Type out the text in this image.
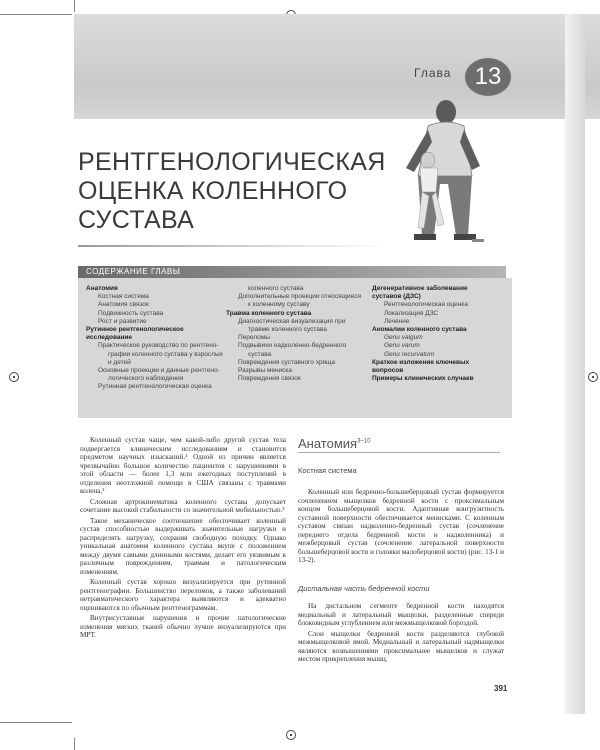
Глава 13
РЕНТГЕНОЛОГИЧЕСКАЯ
ОЦЕНКА КОЛЕННОГО
СУСТАВА
СОДЕРЖАНИЕ ГЛАВЫ
Анатомия
Костная система
Анатомия связок
Подвижность сустава
Рост и развитие
Рутинное рентгенологическое
исследование
Практическое руководство по рентгено-
графии коленного сустава у взрослых
и детей
Основные проекции и данные рентгено-
логического наблюдения
Рутинная рентгенологическая оценка
коленного сустава
Дополнительные проекции относящиеся
к коленному суставу
Травма коленного сустава
Диагностическая визуализация при
травме коленного сустава
Переломы
Подвывихи надколенно-бедренного
сустава
Повреждения суставного хряща
Разрывы мениска
Повреждения связок
Дегенеративное заболевание
суставов (ДЗС)
Рентгенологическая оценка
Локализация ДЗС
Лечение
Аномалии коленного сустава
Genu valgum
Genu varum
Genu recurvatum
Краткое изложение ключевых
вопросов
Примеры клинических случаев

Коленный сустав чаще, чем какой-либо другой сустав тела подвергается клиническим исследованиям и становится предметом научных изысканий.¹ Одной из причин является чрезвычайно большое количество пациентов с нарушениями в этой области — более 1,3 млн ежегодных поступлений в отделения неотложной помощи в США связаны с травмами колена.²

Сложная артрокинематика коленного сустава допускает сочетание высокой стабильности со значительной мобильностью.³

Такое механическое соотношение обеспечивает коленный сустав способностью выдерживать значительные нагрузки и распределять нагрузку, сохраняя свободную походку. Однако уникальная анатомия коленного сустава вкупе с положением между двумя самыми длинными костями, делает его уязвимым к различным повреждениям, травмам и патологическим изменениям.

Коленный сустав хорошо визуализируется при рутинной рентгенографии. Большинство переломов, а также заболеваний нетравматического характера выявляются и адекватно оцениваются по обычным рентгенограммам.

Внутрисуставные нарушения и прочие патологические изменения мягких тканей обычно лучше визуализируются при МРТ.

Анатомия$^{3-10}$
Костная система

Коленный или бедренно-большеберцовый сустав формируется сочленением мыщелков бедренной кости с проксимальным концом большеберцовой кости. Адаптивная конгруэнтность суставной поверхности обеспечивается менисками. С коленным суставом связан надколенно-бедренный сустав (сочленение переднего отдела бедренной кости и надколенника) и межберцовый сустав (сочленение латеральной поверхности большеберцовой кости и головки малоберцовой кости) (рис. 13-1 и 13-2).

Дистальная часть бедренной кости

На дистальном сегменте бедренной кости находятся медиальный и латеральный мыщелки, разделенные спереди блоковидным углублением или межмыщелковой бороздой.

Слои мыщелки бедренной кости разделяются глубокой межмыщелковой ямой. Медиальный и латеральный надмыщелки являются возвышениями проксимальнее мыщелков и служат местом прикрепления мышц.

391
